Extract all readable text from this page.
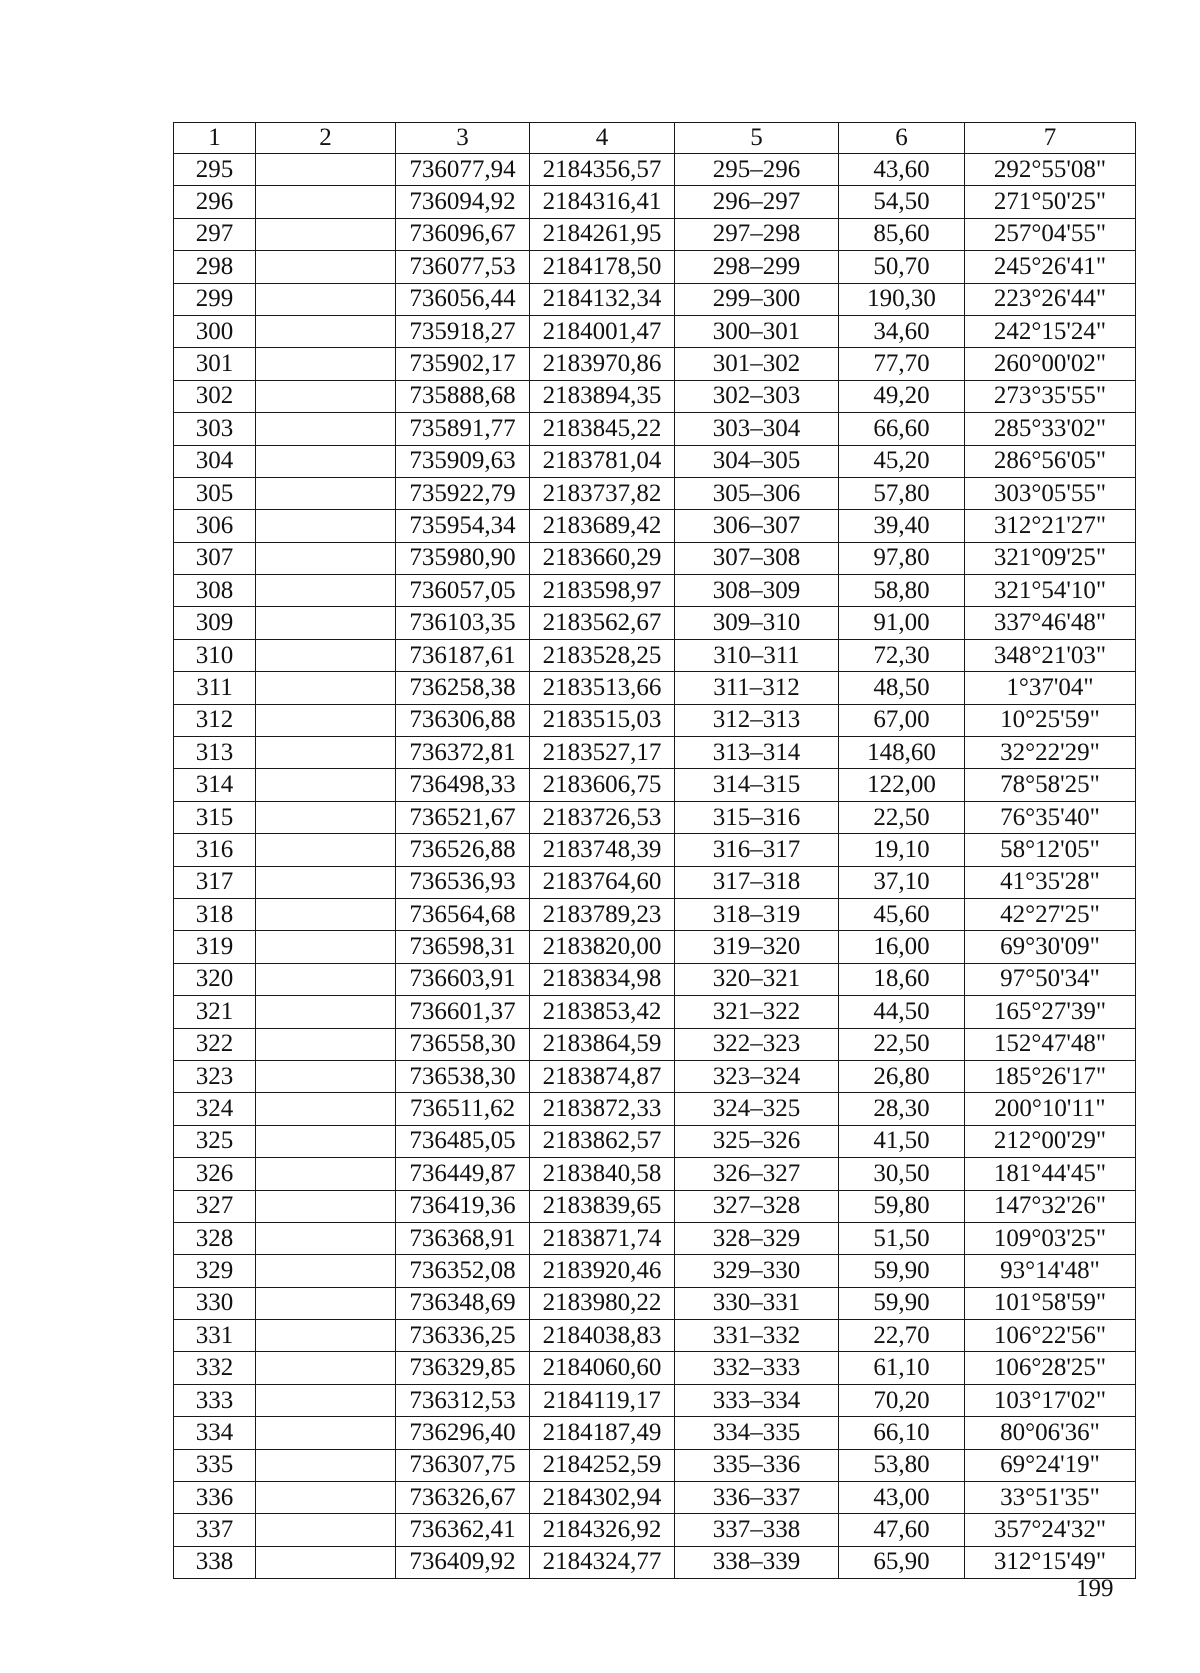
1	2	3	4	5	6	7
295		736077,94	2184356,57	295–296	43,60	292°55'08"
296		736094,92	2184316,41	296–297	54,50	271°50'25"
297		736096,67	2184261,95	297–298	85,60	257°04'55"
298		736077,53	2184178,50	298–299	50,70	245°26'41"
299		736056,44	2184132,34	299–300	190,30	223°26'44"
300		735918,27	2184001,47	300–301	34,60	242°15'24"
301		735902,17	2183970,86	301–302	77,70	260°00'02"
302		735888,68	2183894,35	302–303	49,20	273°35'55"
303		735891,77	2183845,22	303–304	66,60	285°33'02"
304		735909,63	2183781,04	304–305	45,20	286°56'05"
305		735922,79	2183737,82	305–306	57,80	303°05'55"
306		735954,34	2183689,42	306–307	39,40	312°21'27"
307		735980,90	2183660,29	307–308	97,80	321°09'25"
308		736057,05	2183598,97	308–309	58,80	321°54'10"
309		736103,35	2183562,67	309–310	91,00	337°46'48"
310		736187,61	2183528,25	310–311	72,30	348°21'03"
311		736258,38	2183513,66	311–312	48,50	1°37'04"
312		736306,88	2183515,03	312–313	67,00	10°25'59"
313		736372,81	2183527,17	313–314	148,60	32°22'29"
314		736498,33	2183606,75	314–315	122,00	78°58'25"
315		736521,67	2183726,53	315–316	22,50	76°35'40"
316		736526,88	2183748,39	316–317	19,10	58°12'05"
317		736536,93	2183764,60	317–318	37,10	41°35'28"
318		736564,68	2183789,23	318–319	45,60	42°27'25"
319		736598,31	2183820,00	319–320	16,00	69°30'09"
320		736603,91	2183834,98	320–321	18,60	97°50'34"
321		736601,37	2183853,42	321–322	44,50	165°27'39"
322		736558,30	2183864,59	322–323	22,50	152°47'48"
323		736538,30	2183874,87	323–324	26,80	185°26'17"
324		736511,62	2183872,33	324–325	28,30	200°10'11"
325		736485,05	2183862,57	325–326	41,50	212°00'29"
326		736449,87	2183840,58	326–327	30,50	181°44'45"
327		736419,36	2183839,65	327–328	59,80	147°32'26"
328		736368,91	2183871,74	328–329	51,50	109°03'25"
329		736352,08	2183920,46	329–330	59,90	93°14'48"
330		736348,69	2183980,22	330–331	59,90	101°58'59"
331		736336,25	2184038,83	331–332	22,70	106°22'56"
332		736329,85	2184060,60	332–333	61,10	106°28'25"
333		736312,53	2184119,17	333–334	70,20	103°17'02"
334		736296,40	2184187,49	334–335	66,10	80°06'36"
335		736307,75	2184252,59	335–336	53,80	69°24'19"
336		736326,67	2184302,94	336–337	43,00	33°51'35"
337		736362,41	2184326,92	337–338	47,60	357°24'32"
338		736409,92	2184324,77	338–339	65,90	312°15'49"
199
